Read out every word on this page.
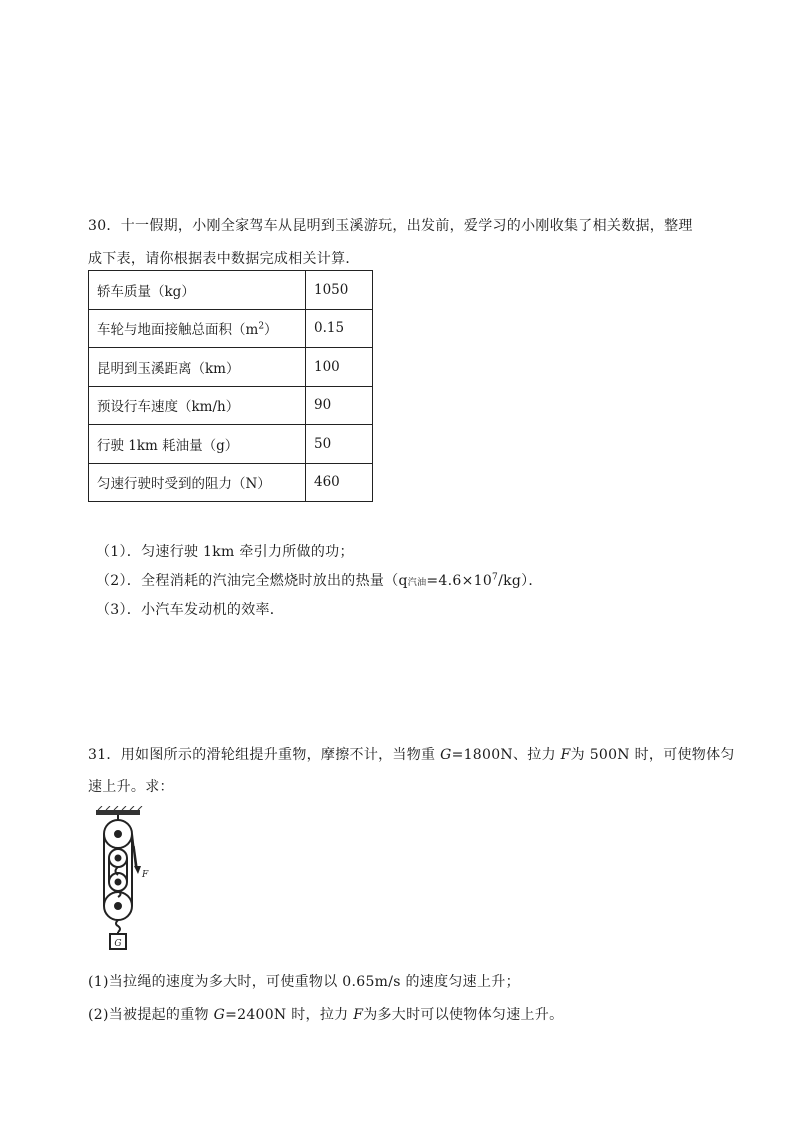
30．十一假期，小刚全家驾车从昆明到玉溪游玩，出发前，爱学习的小刚收集了相关数据，整理
成下表，请你根据表中数据完成相关计算．
轿车质量（kg）	1050
车轮与地面接触总面积$(m^2)$	0.15
昆明到玉溪距离（km）	100
预设行车速度（km/h）	90
行驶 1km 耗油量（g）	50
匀速行驶时受到的阻力（N）	460
（1）．匀速行驶 1km 牵引力所做的功；
（2）．全程消耗的汽油完全燃烧时放出的热量（q汽油$=4.6\times 10^7/kg$）．
（3）．小汽车发动机的效率．
31．用如图所示的滑轮组提升重物，摩擦不计，当物重 G=1800N、拉力 F为 500N 时，可使物体匀
速上升。求：
F
G
(1)当拉绳的速度为多大时，可使重物以 0.65m/s 的速度匀速上升；
(2)当被提起的重物 G=2400N 时，拉力 F为多大时可以使物体匀速上升。
